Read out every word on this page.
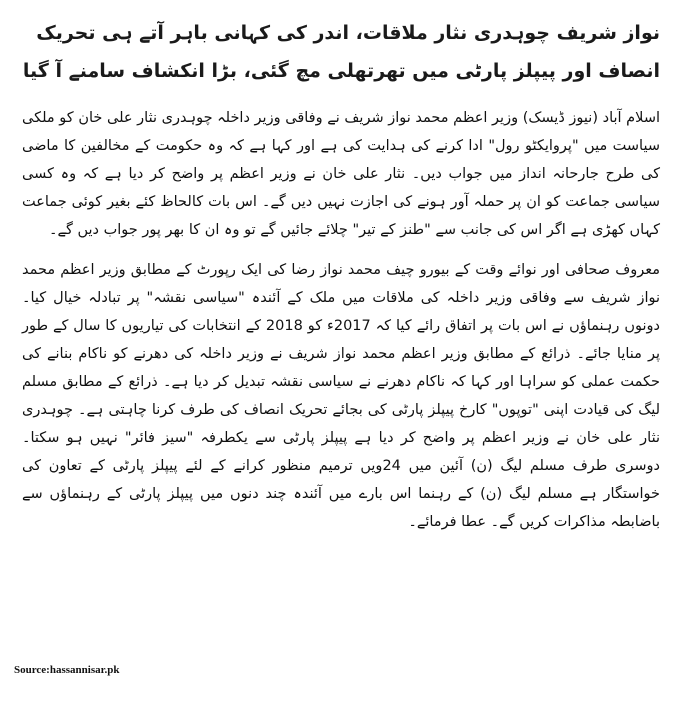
نواز شریف چوہدری نثار ملاقات، اندر کی کہانی باہر آتے ہی تحریک انصاف اور پیپلز پارٹی میں تھرتھلی مچ گئی، بڑا انکشاف سامنے آ گیا

اسلام آباد (نیوز ڈیسک) وزیر اعظم محمد نواز شریف نے وفاقی وزیر داخلہ چوہدری نثار علی خان کو ملکی سیاست میں "پروایکٹو رول" ادا کرنے کی ہدایت کی ہے اور کہا ہے کہ وہ حکومت کے مخالفین کا ماضی کی طرح جارحانہ انداز میں جواب دیں۔ نثار علی خان نے وزیر اعظم پر واضح کر دیا ہے کہ وہ کسی سیاسی جماعت کو ان پر حملہ آور ہونے کی اجازت نہیں دیں گے۔ اس بات کالحاظ کئے بغیر کوئی جماعت کہاں کھڑی ہے اگر اس کی جانب سے "طنز کے تیر" چلائے جائیں گے تو وہ ان کا بھر پور جواب دیں گے۔

معروف صحافی اور نوائے وقت کے بیورو چیف محمد نواز رضا کی ایک رپورٹ کے مطابق وزیر اعظم محمد نواز شریف سے وفاقی وزیر داخلہ کی ملاقات میں ملک کے آئندہ "سیاسی نقشہ" پر تبادلہ خیال کیا۔ دونوں رہنماؤں نے اس بات پر اتفاق رائے کیا کہ 2017ء کو 2018 کے انتخابات کی تیاریوں کا سال کے طور پر منایا جائے۔ ذرائع کے مطابق وزیر اعظم محمد نواز شریف نے وزیر داخلہ کی دھرنے کو ناکام بنانے کی حکمت عملی کو سراہا اور کہا کہ ناکام دھرنے نے سیاسی نقشہ تبدیل کر دیا ہے۔ ذرائع کے مطابق مسلم لیگ کی قیادت اپنی "توپوں" کارخ پیپلز پارٹی کی بجائے تحریک انصاف کی طرف کرنا چاہتی ہے۔ چوہدری نثار علی خان نے وزیر اعظم پر واضح کر دیا ہے پیپلز پارٹی سے یکطرفہ "سیز فائر" نہیں ہو سکتا۔ دوسری طرف مسلم لیگ (ن) آئین میں 24ویں ترمیم منظور کرانے کے لئے پیپلز پارٹی کے تعاون کی خواستگار ہے مسلم لیگ (ن) کے رہنما اس بارے میں آئندہ چند دنوں میں پیپلز پارٹی کے رہنماؤں سے باضابطہ مذاکرات کریں گے۔ عطا فرمائے۔

Source:hassannisar.pk
